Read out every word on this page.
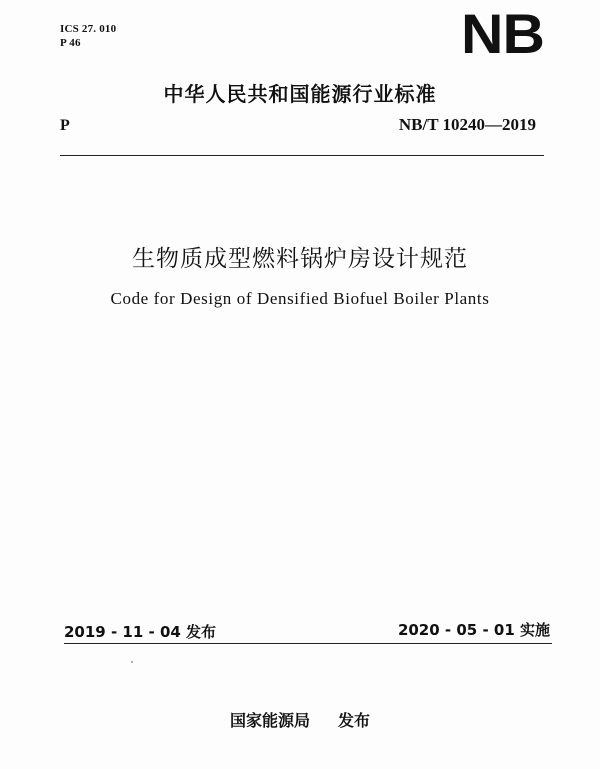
ICS 27. 010
P 46	NB
中华人民共和国能源行业标准
P	NB/T 10240—2019
生物质成型燃料锅炉房设计规范
Code for Design of Densified Biofuel Boiler Plants
2019 - 11 - 04 发布	2020 - 05 - 01 实施
国家能源局 发布
